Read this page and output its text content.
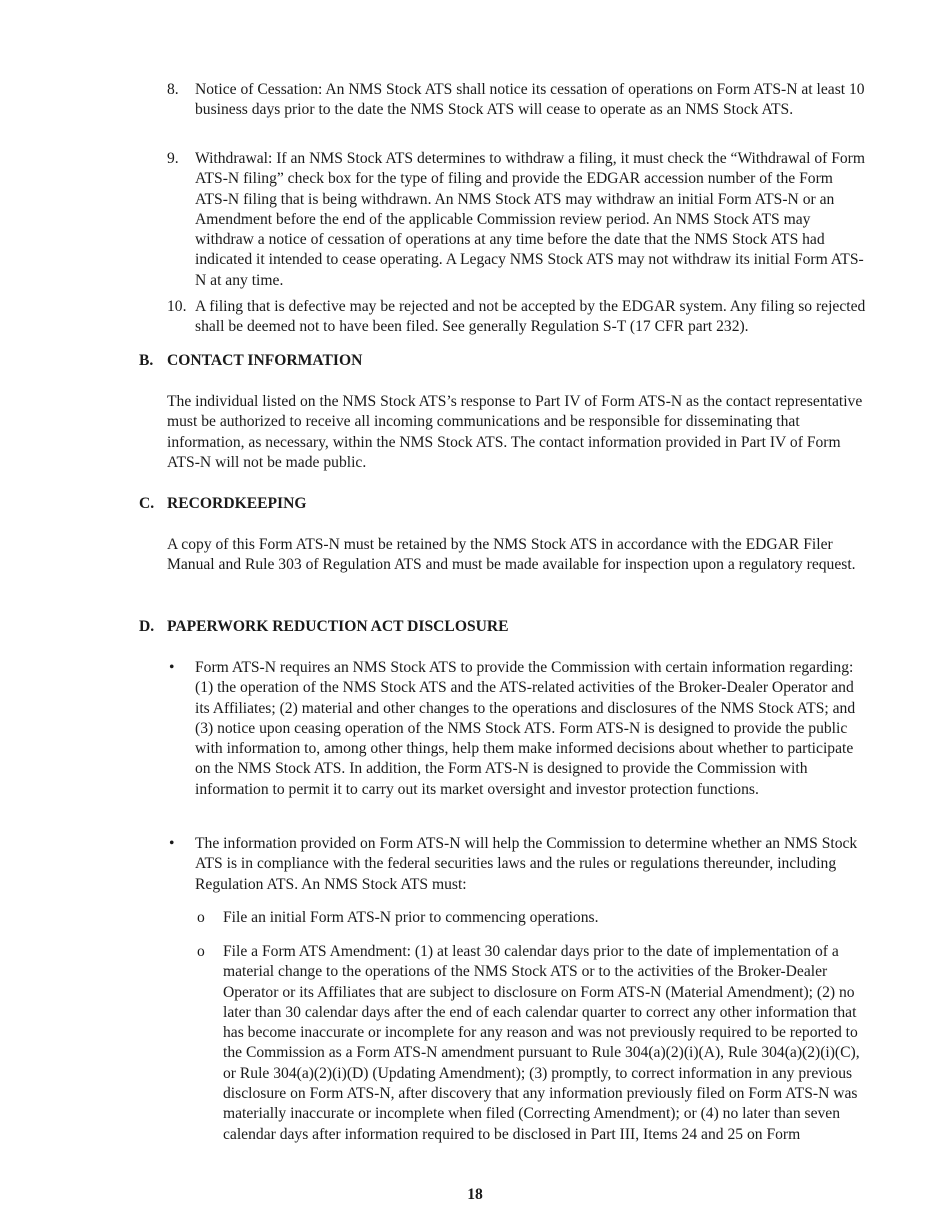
8. Notice of Cessation: An NMS Stock ATS shall notice its cessation of operations on Form ATS-N at least 10 business days prior to the date the NMS Stock ATS will cease to operate as an NMS Stock ATS.
9. Withdrawal: If an NMS Stock ATS determines to withdraw a filing, it must check the “Withdrawal of Form ATS-N filing” check box for the type of filing and provide the EDGAR accession number of the Form ATS-N filing that is being withdrawn. An NMS Stock ATS may withdraw an initial Form ATS-N or an Amendment before the end of the applicable Commission review period. An NMS Stock ATS may withdraw a notice of cessation of operations at any time before the date that the NMS Stock ATS had indicated it intended to cease operating. A Legacy NMS Stock ATS may not withdraw its initial Form ATS-N at any time.
10. A filing that is defective may be rejected and not be accepted by the EDGAR system. Any filing so rejected shall be deemed not to have been filed. See generally Regulation S-T (17 CFR part 232).
B. CONTACT INFORMATION
The individual listed on the NMS Stock ATS’s response to Part IV of Form ATS-N as the contact representative must be authorized to receive all incoming communications and be responsible for disseminating that information, as necessary, within the NMS Stock ATS. The contact information provided in Part IV of Form ATS-N will not be made public.
C. RECORDKEEPING
A copy of this Form ATS-N must be retained by the NMS Stock ATS in accordance with the EDGAR Filer Manual and Rule 303 of Regulation ATS and must be made available for inspection upon a regulatory request.
D. PAPERWORK REDUCTION ACT DISCLOSURE
• Form ATS-N requires an NMS Stock ATS to provide the Commission with certain information regarding: (1) the operation of the NMS Stock ATS and the ATS-related activities of the Broker-Dealer Operator and its Affiliates; (2) material and other changes to the operations and disclosures of the NMS Stock ATS; and (3) notice upon ceasing operation of the NMS Stock ATS. Form ATS-N is designed to provide the public with information to, among other things, help them make informed decisions about whether to participate on the NMS Stock ATS. In addition, the Form ATS-N is designed to provide the Commission with information to permit it to carry out its market oversight and investor protection functions.
• The information provided on Form ATS-N will help the Commission to determine whether an NMS Stock ATS is in compliance with the federal securities laws and the rules or regulations thereunder, including Regulation ATS. An NMS Stock ATS must:
o File an initial Form ATS-N prior to commencing operations.
o File a Form ATS Amendment: (1) at least 30 calendar days prior to the date of implementation of a material change to the operations of the NMS Stock ATS or to the activities of the Broker-Dealer Operator or its Affiliates that are subject to disclosure on Form ATS-N (Material Amendment); (2) no later than 30 calendar days after the end of each calendar quarter to correct any other information that has become inaccurate or incomplete for any reason and was not previously required to be reported to the Commission as a Form ATS-N amendment pursuant to Rule 304(a)(2)(i)(A), Rule 304(a)(2)(i)(C), or Rule 304(a)(2)(i)(D) (Updating Amendment); (3) promptly, to correct information in any previous disclosure on Form ATS-N, after discovery that any information previously filed on Form ATS-N was materially inaccurate or incomplete when filed (Correcting Amendment); or (4) no later than seven calendar days after information required to be disclosed in Part III, Items 24 and 25 on Form
18
